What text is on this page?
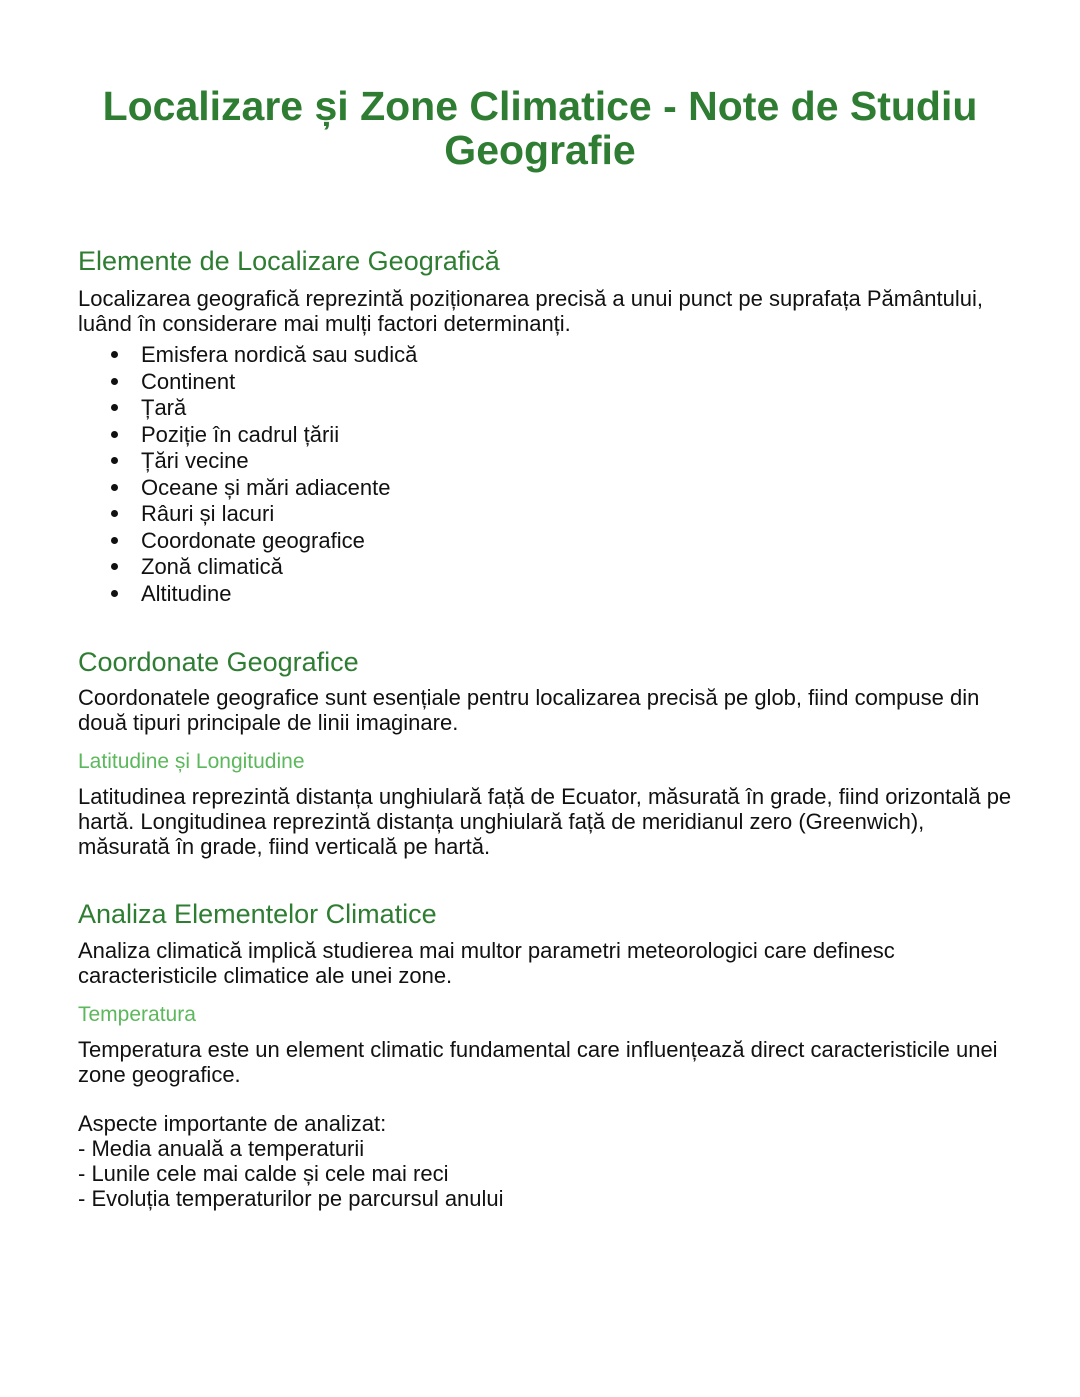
Localizare și Zone Climatice - Note de Studiu Geografie
Elemente de Localizare Geografică

Localizarea geografică reprezintă poziționarea precisă a unui punct pe suprafața Pământului, luând în considerare mai mulți factori determinanți.

Emisfera nordică sau sudică
Continent
Țară
Poziție în cadrul țării
Țări vecine
Oceane și mări adiacente
Râuri și lacuri
Coordonate geografice
Zonă climatică
Altitudine
Coordonate Geografice

Coordonatele geografice sunt esențiale pentru localizarea precisă pe glob, fiind compuse din două tipuri principale de linii imaginare.

Latitudine și Longitudine

Latitudinea reprezintă distanța unghiulară față de Ecuator, măsurată în grade, fiind orizontală pe hartă. Longitudinea reprezintă distanța unghiulară față de meridianul zero (Greenwich), măsurată în grade, fiind verticală pe hartă.

Analiza Elementelor Climatice

Analiza climatică implică studierea mai multor parametri meteorologici care definesc caracteristicile climatice ale unei zone.

Temperatura

Temperatura este un element climatic fundamental care influențează direct caracteristicile unei zone geografice.

Aspecte importante de analizat:

- Media anuală a temperaturii
- Lunile cele mai calde și cele mai reci
- Evoluția temperaturilor pe parcursul anului
